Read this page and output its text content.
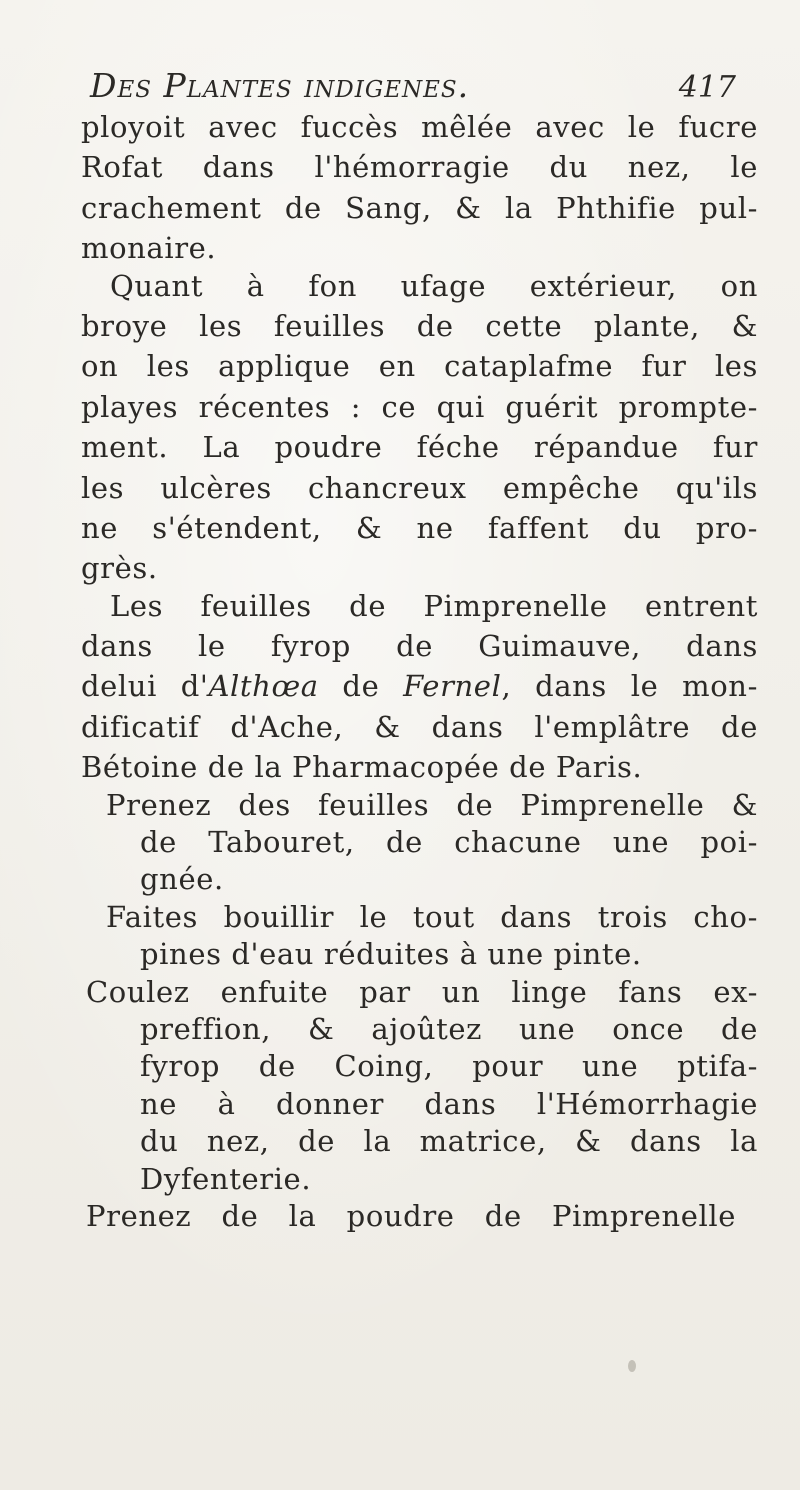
Des Plantes indigenes.	417
ployoit avec fuccès mêlée avec le fucre
Rofat dans l'hémorragie du nez, le
crachement de Sang, & la Phthifie pul-
monaire.
Quant à fon ufage extérieur, on
broye les feuilles de cette plante, &
on les applique en cataplafme fur les
playes récentes : ce qui guérit prompte-
ment. La poudre féche répandue fur
les ulcères chancreux empêche qu'ils
ne s'étendent, & ne faffent du pro-
grès.
Les feuilles de Pimprenelle entrent
dans le fyrop de Guimauve, dans
delui d'Althœa de Fernel, dans le mon-
dificatif d'Ache, & dans l'emplâtre de
Bétoine de la Pharmacopée de Paris.
Prenez des feuilles de Pimprenelle &
de Tabouret, de chacune une poi-
gnée.
Faites bouillir le tout dans trois cho-
pines d'eau réduites à une pinte.
Coulez enfuite par un linge fans ex-
preffion, & ajoûtez une once de
fyrop de Coing, pour une ptifa-
ne à donner dans l'Hémorrhagie
du nez, de la matrice, & dans la
Dyfenterie.
Prenez de la poudre de Pimprenelle
